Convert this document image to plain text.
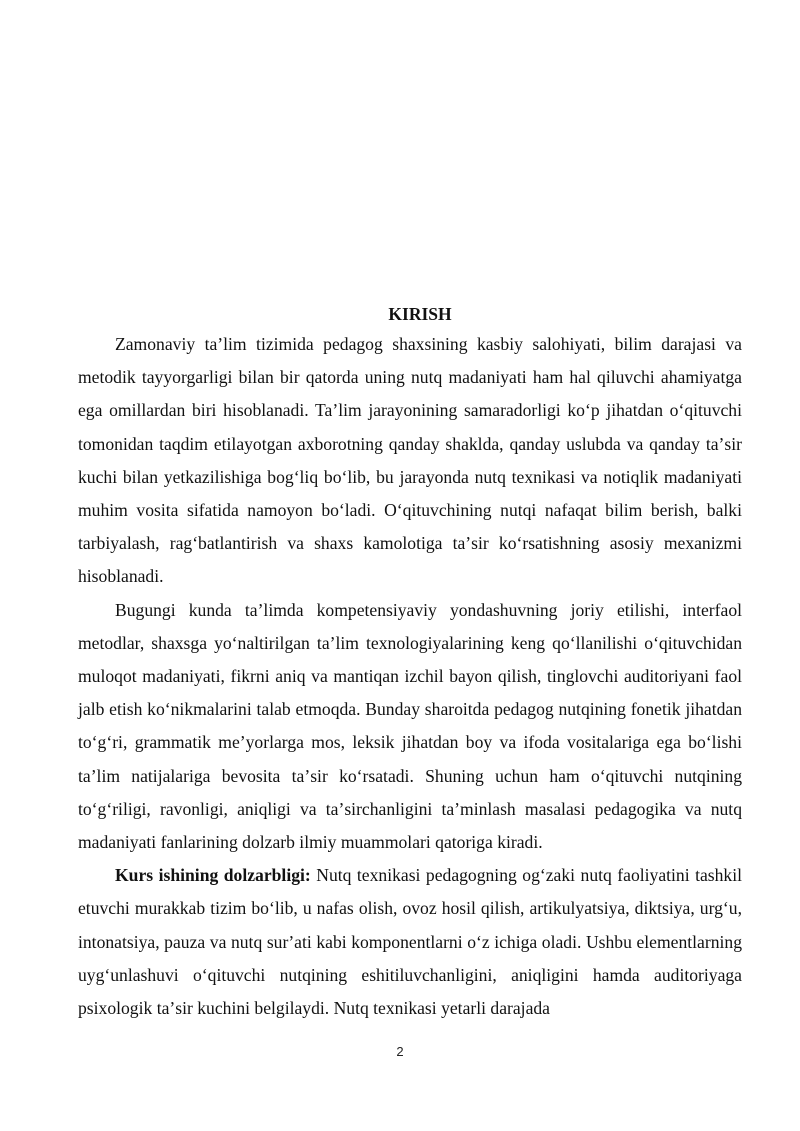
KIRISH

Zamonaviy ta’lim tizimida pedagog shaxsining kasbiy salohiyati, bilim darajasi va metodik tayyorgarligi bilan bir qatorda uning nutq madaniyati ham hal qiluvchi ahamiyatga ega omillardan biri hisoblanadi. Ta’lim jarayonining samaradorligi koʻp jihatdan oʻqituvchi tomonidan taqdim etilayotgan axborotning qanday shaklda, qanday uslubda va qanday taʼsir kuchi bilan yetkazilishiga bogʻliq boʻlib, bu jarayonda nutq texnikasi va notiqlik madaniyati muhim vosita sifatida namoyon boʻladi. Oʻqituvchining nutqi nafaqat bilim berish, balki tarbiyalash, ragʻbatlantirish va shaxs kamolotiga taʼsir koʻrsatishning asosiy mexanizmi hisoblanadi.

Bugungi kunda taʼlimda kompetensiyaviy yondashuvning joriy etilishi, interfaol metodlar, shaxsga yoʻnaltirilgan taʼlim texnologiyalarining keng qoʻllanilishi oʻqituvchidan muloqot madaniyati, fikrni aniq va mantiqan izchil bayon qilish, tinglovchi auditoriyani faol jalb etish koʻnikmalarini talab etmoqda. Bunday sharoitda pedagog nutqining fonetik jihatdan toʻgʻri, grammatik me’yorlarga mos, leksik jihatdan boy va ifoda vositalariga ega boʻlishi taʼlim natijalariga bevosita taʼsir koʻrsatadi. Shuning uchun ham oʻqituvchi nutqining toʻgʻriligi, ravonligi, aniqligi va taʼsirchanligini taʼminlash masalasi pedagogika va nutq madaniyati fanlarining dolzarb ilmiy muammolari qatoriga kiradi.

Kurs ishining dolzarbligi: Nutq texnikasi pedagogning ogʻzaki nutq faoliyatini tashkil etuvchi murakkab tizim boʻlib, u nafas olish, ovoz hosil qilish, artikulyatsiya, diktsiya, urgʻu, intonatsiya, pauza va nutq surʼati kabi komponentlarni oʻz ichiga oladi. Ushbu elementlarning uygʻunlashuvi oʻqituvchi nutqining eshitiluvchanligini, aniqligini hamda auditoriyaga psixologik taʼsir kuchini belgilaydi. Nutq texnikasi yetarli darajada

2
